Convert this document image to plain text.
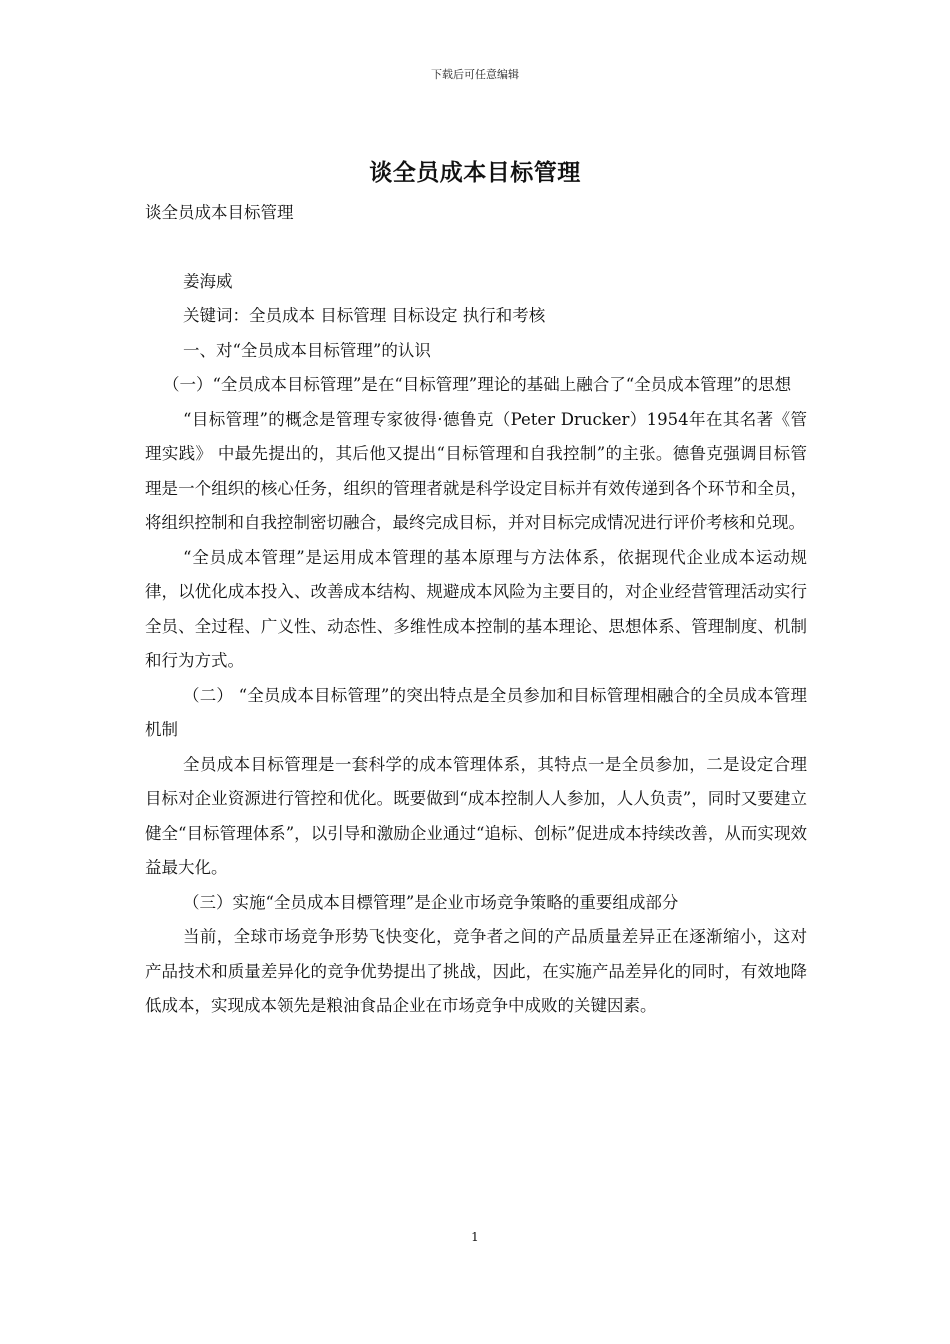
下载后可任意编辑
谈全员成本目标管理

谈全员成本目标管理

姜海威

关键词：全员成本 目标管理 目标设定 执行和考核

一、对“全员成本目标管理”的认识

（一）“全员成本目标管理”是在“目标管理”理论的基础上融合了“全员成本管理”的思想

“目标管理”的概念是管理专家彼得·德鲁克（Peter Drucker）1954年在其名著《管理实践》 中最先提出的，其后他又提出“目标管理和自我控制”的主张。德鲁克强调目标管理是一个组织的核心任务，组织的管理者就是科学设定目标并有效传递到各个环节和全员，将组织控制和自我控制密切融合，最终完成目标，并对目标完成情况进行评价考核和兑现。

“全员成本管理”是运用成本管理的基本原理与方法体系，依据现代企业成本运动规律，以优化成本投入、改善成本结构、规避成本风险为主要目的，对企业经营管理活动实行全员、全过程、广义性、动态性、多维性成本控制的基本理论、思想体系、管理制度、机制和行为方式。

（二） “全员成本目标管理”的突出特点是全员参加和目标管理相融合的全员成本管理机制

全员成本目标管理是一套科学的成本管理体系，其特点一是全员参加，二是设定合理目标对企业资源进行管控和优化。既要做到“成本控制人人参加，人人负责”，同时又要建立健全“目标管理体系”，以引导和激励企业通过“追标、创标”促进成本持续改善，从而实现效益最大化。

（三）实施“全员成本目標管理”是企业市场竞争策略的重要组成部分

当前，全球市场竞争形势飞快变化，竞争者之间的产品质量差异正在逐渐缩小，这对产品技术和质量差异化的竞争优势提出了挑战，因此，在实施产品差异化的同时，有效地降低成本，实现成本领先是粮油食品企业在市场竞争中成败的关键因素。

1
